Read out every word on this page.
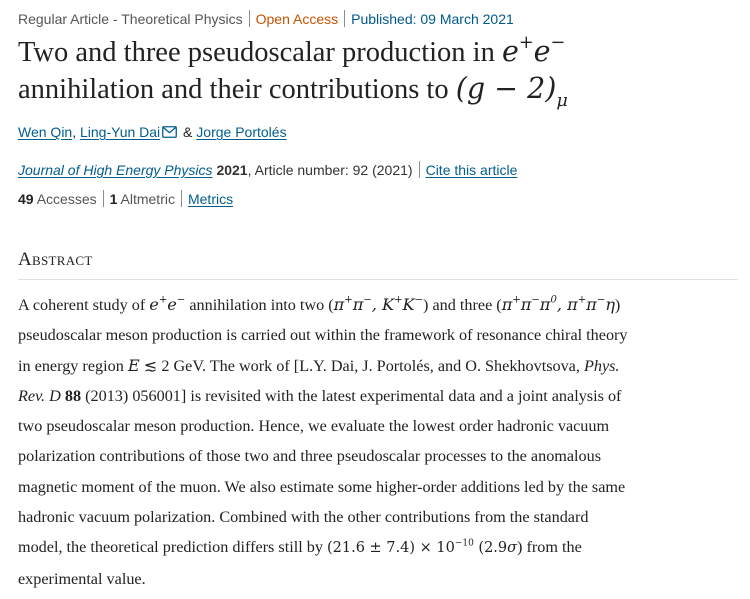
Regular Article - Theoretical Physics Open Access Published: 09 March 2021
Two and three pseudoscalar production in e+e−
annihilation and their contributions to $(g - 2)_\mu$
Wen Qin, Ling-Yun Dai & Jorge Portolés
Journal of High Energy Physics 2021, Article number: 92 (2021) Cite this article
49 Accesses 1 Altmetric Metrics
Abstract

A coherent study of e+e− annihilation into two (π+π−, K+K−) and three ($\pi^+\pi^-\pi^0$, π+π−η)
pseudoscalar meson production is carried out within the framework of resonance chiral theory
in energy region E ≲ 2 GeV. The work of [L.Y. Dai, J. Portolés, and O. Shekhovtsova, Phys.
Rev. D 88 (2013) 056001] is revisited with the latest experimental data and a joint analysis of
two pseudoscalar meson production. Hence, we evaluate the lowest order hadronic vacuum
polarization contributions of those two and three pseudoscalar processes to the anomalous
magnetic moment of the muon. We also estimate some higher-order additions led by the same
hadronic vacuum polarization. Combined with the other contributions from the standard
model, the theoretical prediction differs still by $(21.6 \pm 7.4) \times 10^{-10}$ (2.9σ) from the
experimental value.
